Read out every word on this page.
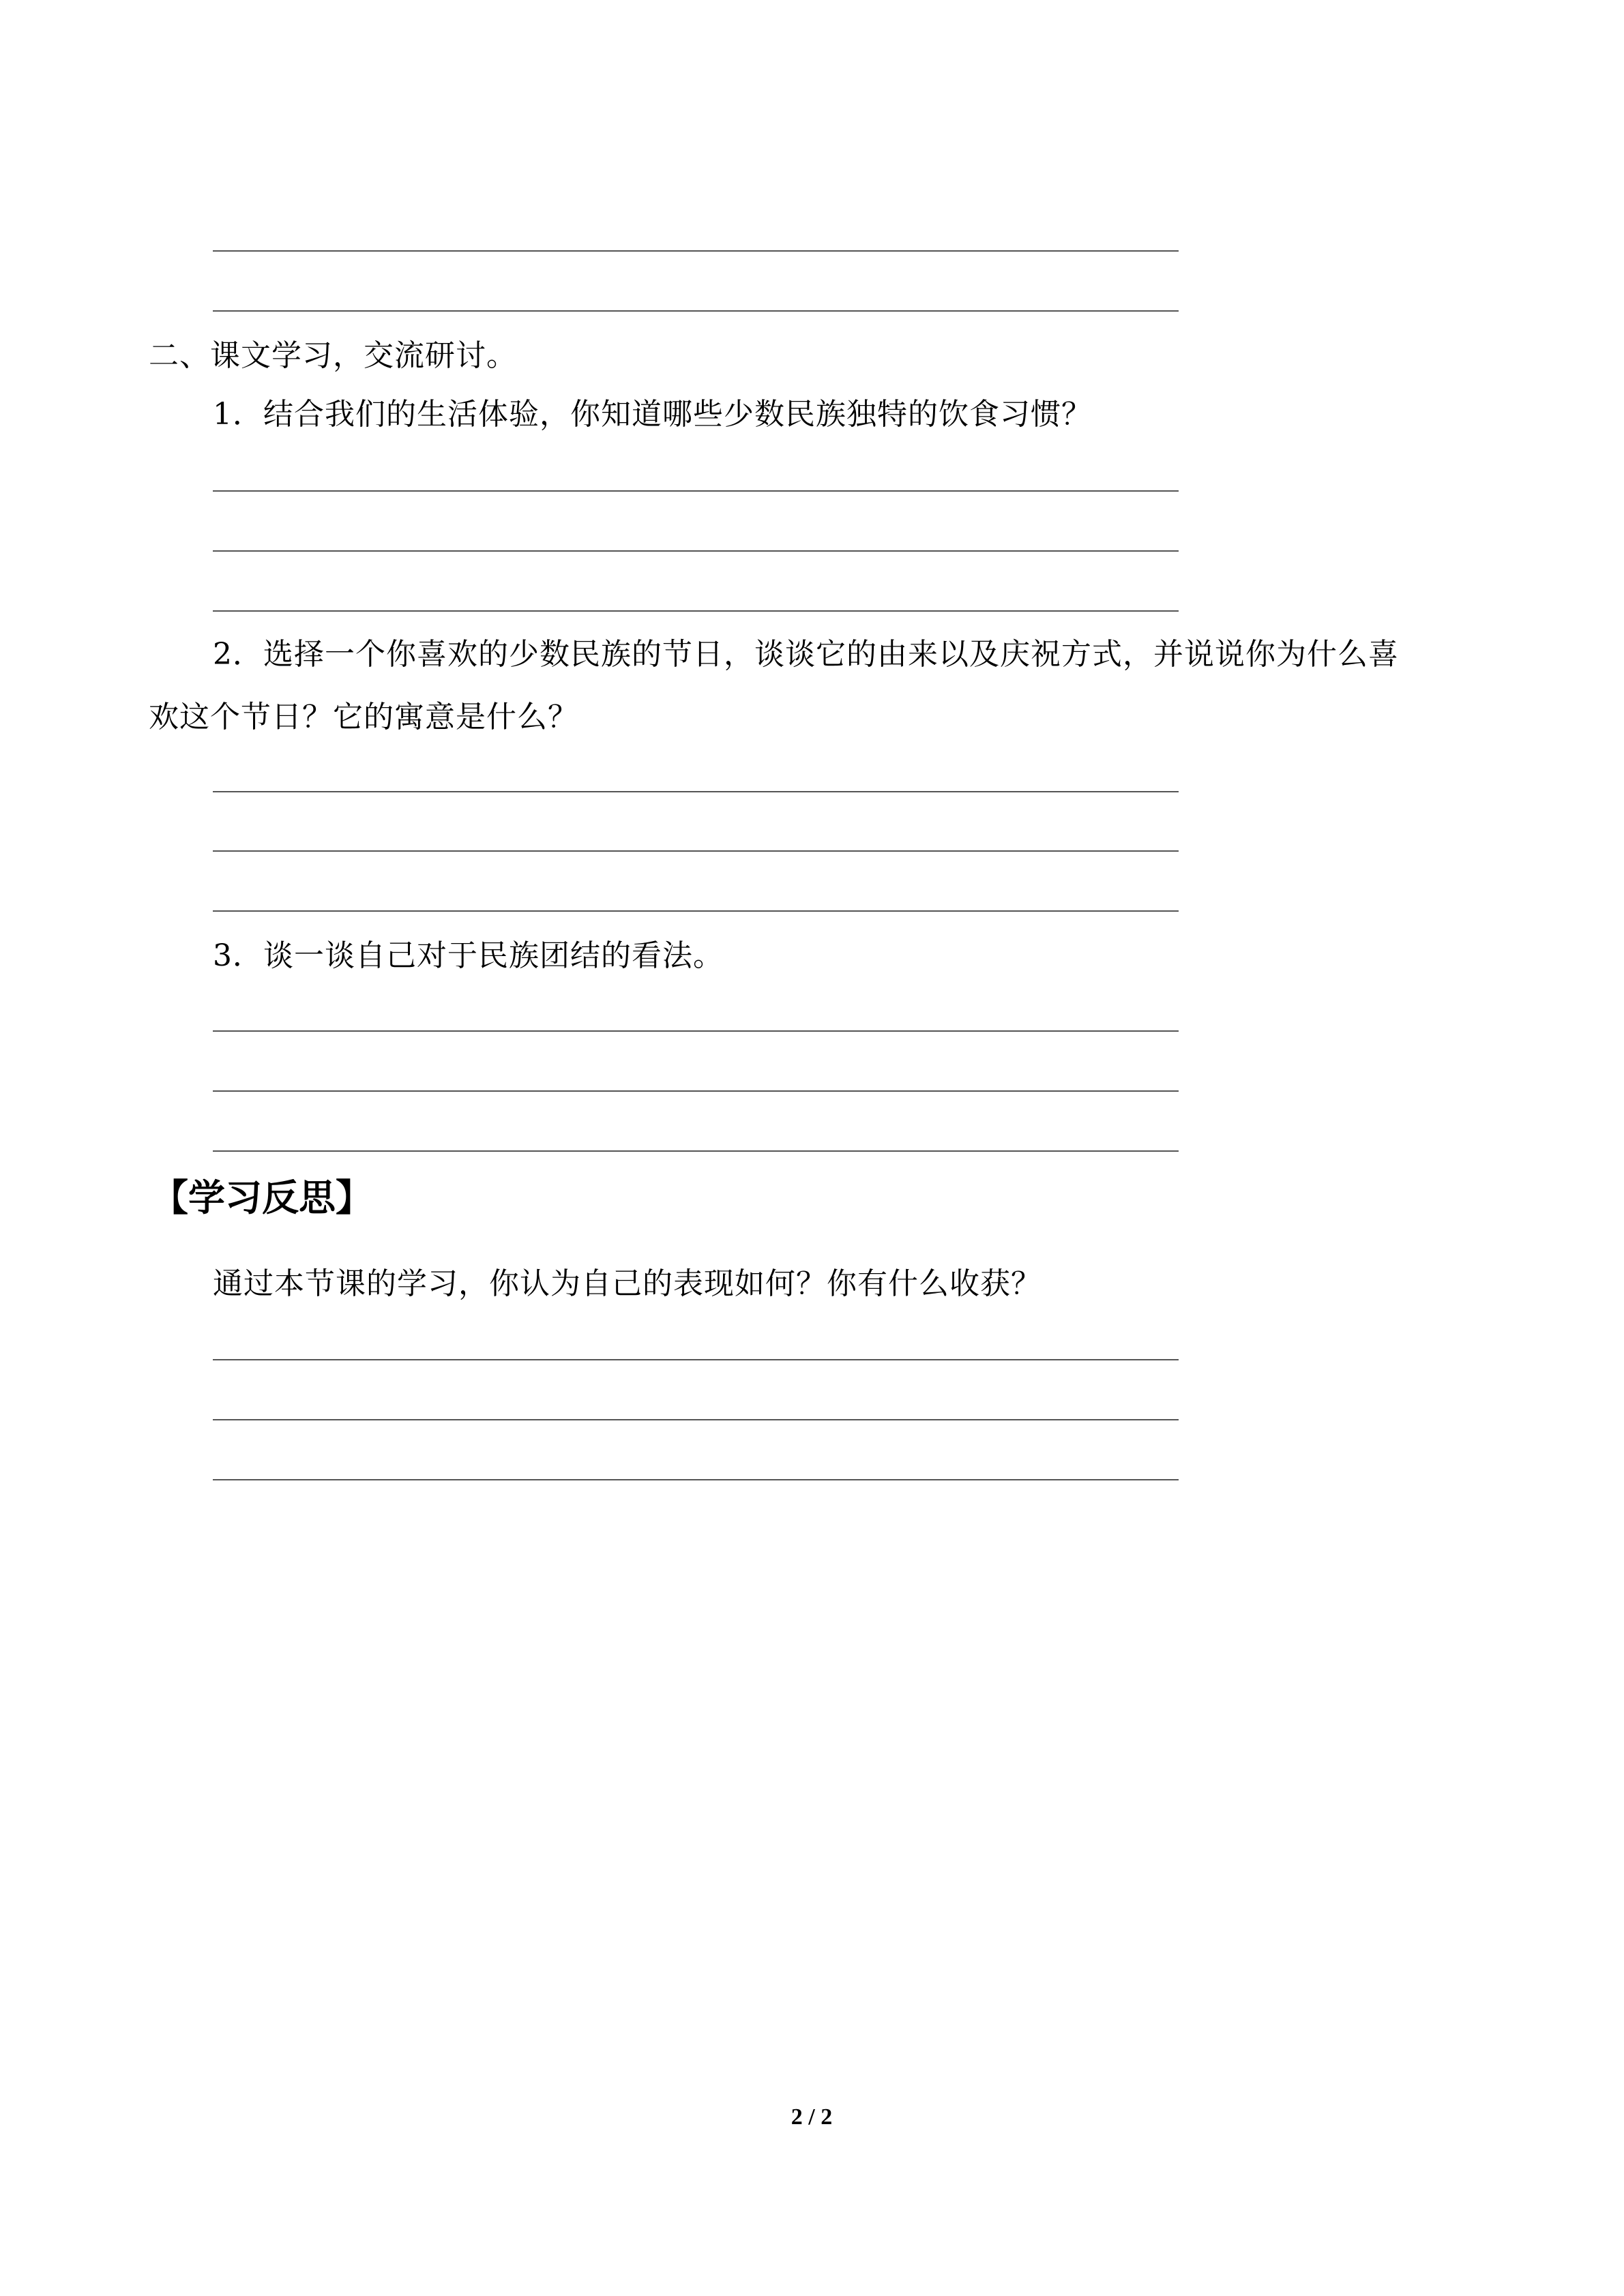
二、课文学习，交流研讨。
1．结合我们的生活体验，你知道哪些少数民族独特的饮食习惯？
2．选择一个你喜欢的少数民族的节日，谈谈它的由来以及庆祝方式，并说说你为什么喜
欢这个节日？它的寓意是什么？
3．谈一谈自己对于民族团结的看法。
【学习反思】
通过本节课的学习，你认为自己的表现如何？你有什么收获？
2 / 2
